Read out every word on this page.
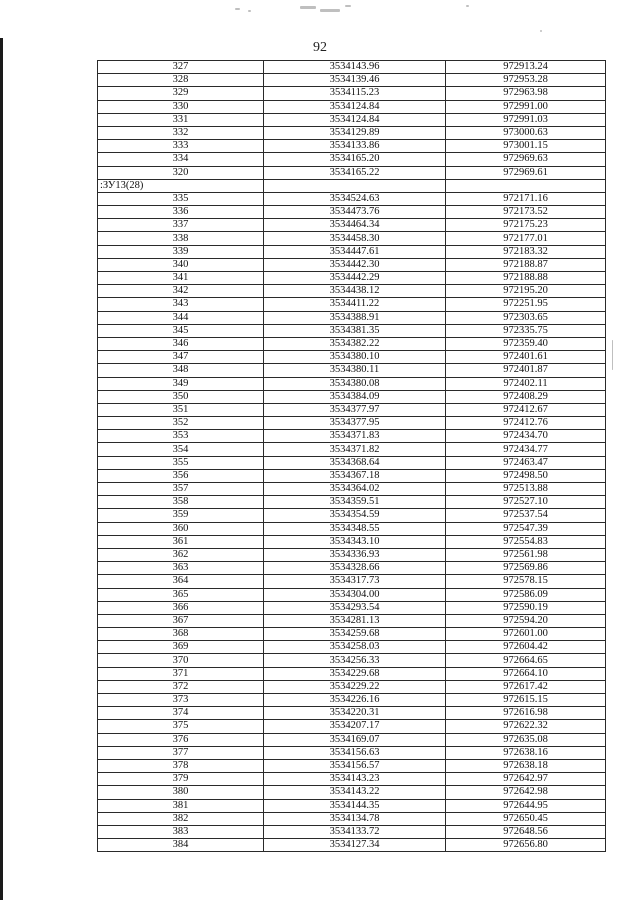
92
327	3534143.96	972913.24
328	3534139.46	972953.28
329	3534115.23	972963.98
330	3534124.84	972991.00
331	3534124.84	972991.03
332	3534129.89	973000.63
333	3534133.86	973001.15
334	3534165.20	972969.63
320	3534165.22	972969.61
:ЗУ13(28)		
335	3534524.63	972171.16
336	3534473.76	972173.52
337	3534464.34	972175.23
338	3534458.30	972177.01
339	3534447.61	972183.32
340	3534442.30	972188.87
341	3534442.29	972188.88
342	3534438.12	972195.20
343	3534411.22	972251.95
344	3534388.91	972303.65
345	3534381.35	972335.75
346	3534382.22	972359.40
347	3534380.10	972401.61
348	3534380.11	972401.87
349	3534380.08	972402.11
350	3534384.09	972408.29
351	3534377.97	972412.67
352	3534377.95	972412.76
353	3534371.83	972434.70
354	3534371.82	972434.77
355	3534368.64	972463.47
356	3534367.18	972498.50
357	3534364.02	972513.88
358	3534359.51	972527.10
359	3534354.59	972537.54
360	3534348.55	972547.39
361	3534343.10	972554.83
362	3534336.93	972561.98
363	3534328.66	972569.86
364	3534317.73	972578.15
365	3534304.00	972586.09
366	3534293.54	972590.19
367	3534281.13	972594.20
368	3534259.68	972601.00
369	3534258.03	972604.42
370	3534256.33	972664.65
371	3534229.68	972664.10
372	3534229.22	972617.42
373	3534226.16	972615.15
374	3534220.31	972616.98
375	3534207.17	972622.32
376	3534169.07	972635.08
377	3534156.63	972638.16
378	3534156.57	972638.18
379	3534143.23	972642.97
380	3534143.22	972642.98
381	3534144.35	972644.95
382	3534134.78	972650.45
383	3534133.72	972648.56
384	3534127.34	972656.80
